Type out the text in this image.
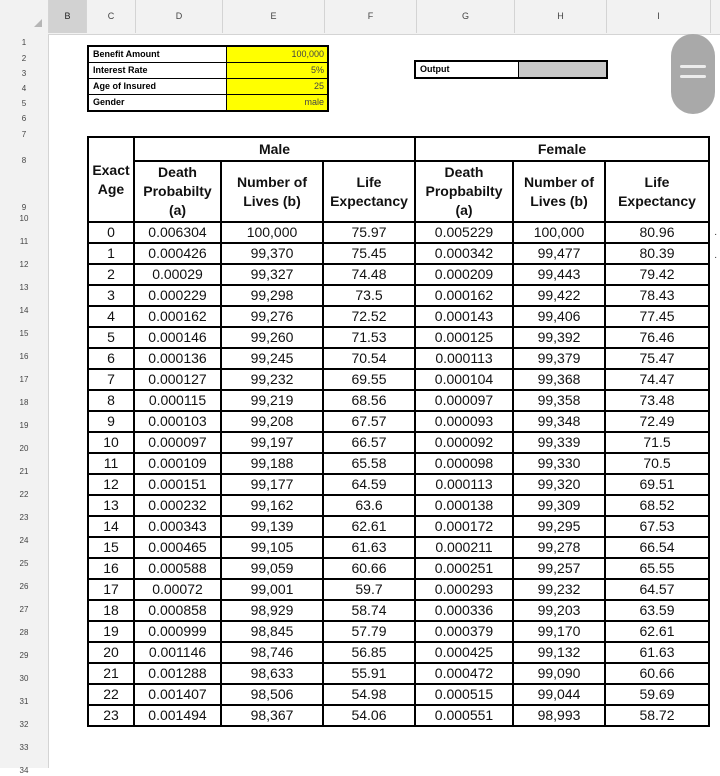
B	C	D	E	F	G	H	I
1
2
3
4
5
6
7
8
9
10
11
12
13
14
15
16
17
18
19
20
21
22
23
24
25
26
27
28
29
30
31
32
33
34
Benefit Amount	100,000
Interest Rate	5%
Age of Insured	25
Gender	male
Output
Exact Age	Male			Female		
	Death Probabilty (a)	Number of Lives (b)	Life Expectancy	Death Propbabilty (a)	Number of Lives (b)	Life Expectancy
0	0.006304	100,000	75.97	0.005229	100,000	80.96
1	0.000426	99,370	75.45	0.000342	99,477	80.39
2	0.00029	99,327	74.48	0.000209	99,443	79.42
3	0.000229	99,298	73.5	0.000162	99,422	78.43
4	0.000162	99,276	72.52	0.000143	99,406	77.45
5	0.000146	99,260	71.53	0.000125	99,392	76.46
6	0.000136	99,245	70.54	0.000113	99,379	75.47
7	0.000127	99,232	69.55	0.000104	99,368	74.47
8	0.000115	99,219	68.56	0.000097	99,358	73.48
9	0.000103	99,208	67.57	0.000093	99,348	72.49
10	0.000097	99,197	66.57	0.000092	99,339	71.5
11	0.000109	99,188	65.58	0.000098	99,330	70.5
12	0.000151	99,177	64.59	0.000113	99,320	69.51
13	0.000232	99,162	63.6	0.000138	99,309	68.52
14	0.000343	99,139	62.61	0.000172	99,295	67.53
15	0.000465	99,105	61.63	0.000211	99,278	66.54
16	0.000588	99,059	60.66	0.000251	99,257	65.55
17	0.00072	99,001	59.7	0.000293	99,232	64.57
18	0.000858	98,929	58.74	0.000336	99,203	63.59
19	0.000999	98,845	57.79	0.000379	99,170	62.61
20	0.001146	98,746	56.85	0.000425	99,132	61.63
21	0.001288	98,633	55.91	0.000472	99,090	60.66
22	0.001407	98,506	54.98	0.000515	99,044	59.69
23	0.001494	98,367	54.06	0.000551	98,993	58.72
·
·
